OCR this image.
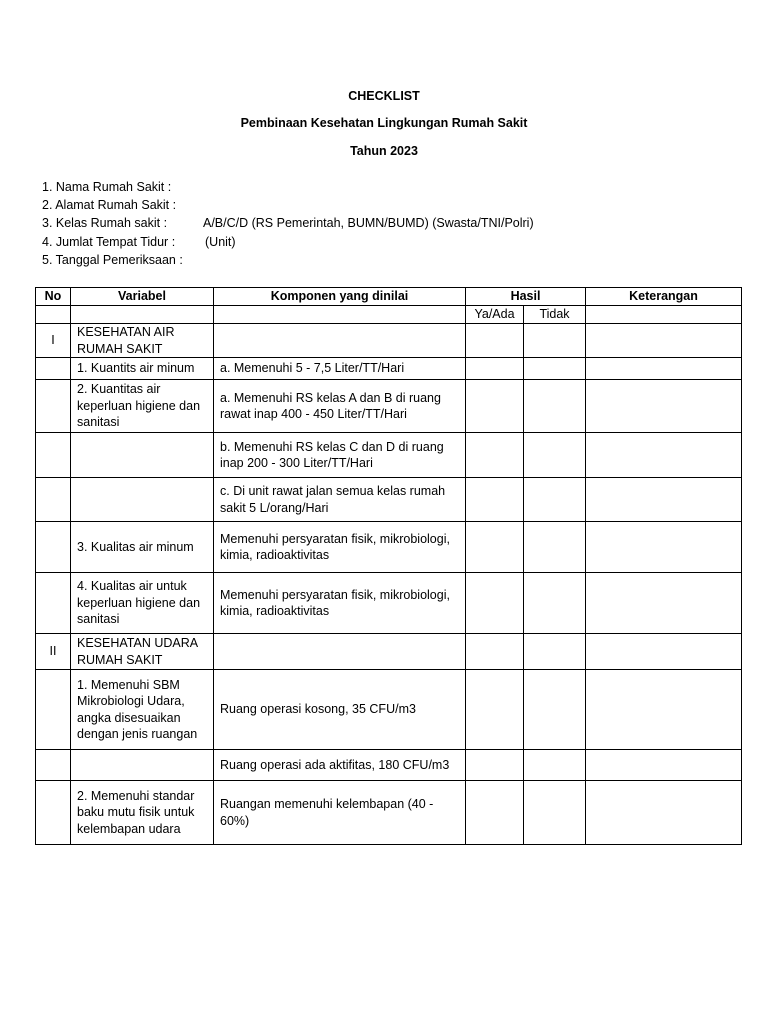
CHECKLIST
Pembinaan Kesehatan Lingkungan Rumah Sakit
Tahun 2023
1. Nama Rumah Sakit :
2. Alamat Rumah Sakit :
3. Kelas Rumah sakit :	A/B/C/D (RS Pemerintah, BUMN/BUMD) (Swasta/TNI/Polri)
4. Jumlat Tempat Tidur : (Unit)
5. Tanggal Pemeriksaan :
No	Variabel	Komponen yang dinilai	Hasil		Keterangan
			Ya/Ada	Tidak	
I	KESEHATAN AIR RUMAH SAKIT				
	1. Kuantits air minum	a. Memenuhi 5 - 7,5 Liter/TT/Hari			
	2. Kuantitas air keperluan higiene dan sanitasi	a. Memenuhi RS kelas A dan B di ruang rawat inap 400 - 450 Liter/TT/Hari			
		b. Memenuhi RS kelas C dan D di ruang inap 200 - 300 Liter/TT/Hari			
		c. Di unit rawat jalan semua kelas rumah sakit 5 L/orang/Hari			
	3. Kualitas air minum	Memenuhi persyaratan fisik, mikrobiologi, kimia, radioaktivitas			
	4. Kualitas air untuk keperluan higiene dan sanitasi	Memenuhi persyaratan fisik, mikrobiologi, kimia, radioaktivitas			
II	KESEHATAN UDARA RUMAH SAKIT				
	1. Memenuhi SBM Mikrobiologi Udara, angka disesuaikan dengan jenis ruangan	Ruang operasi kosong, 35 CFU/m3			
		Ruang operasi ada aktifitas, 180 CFU/m3			
	2. Memenuhi standar baku mutu fisik untuk kelembapan udara	Ruangan memenuhi kelembapan (40 - 60%)			
